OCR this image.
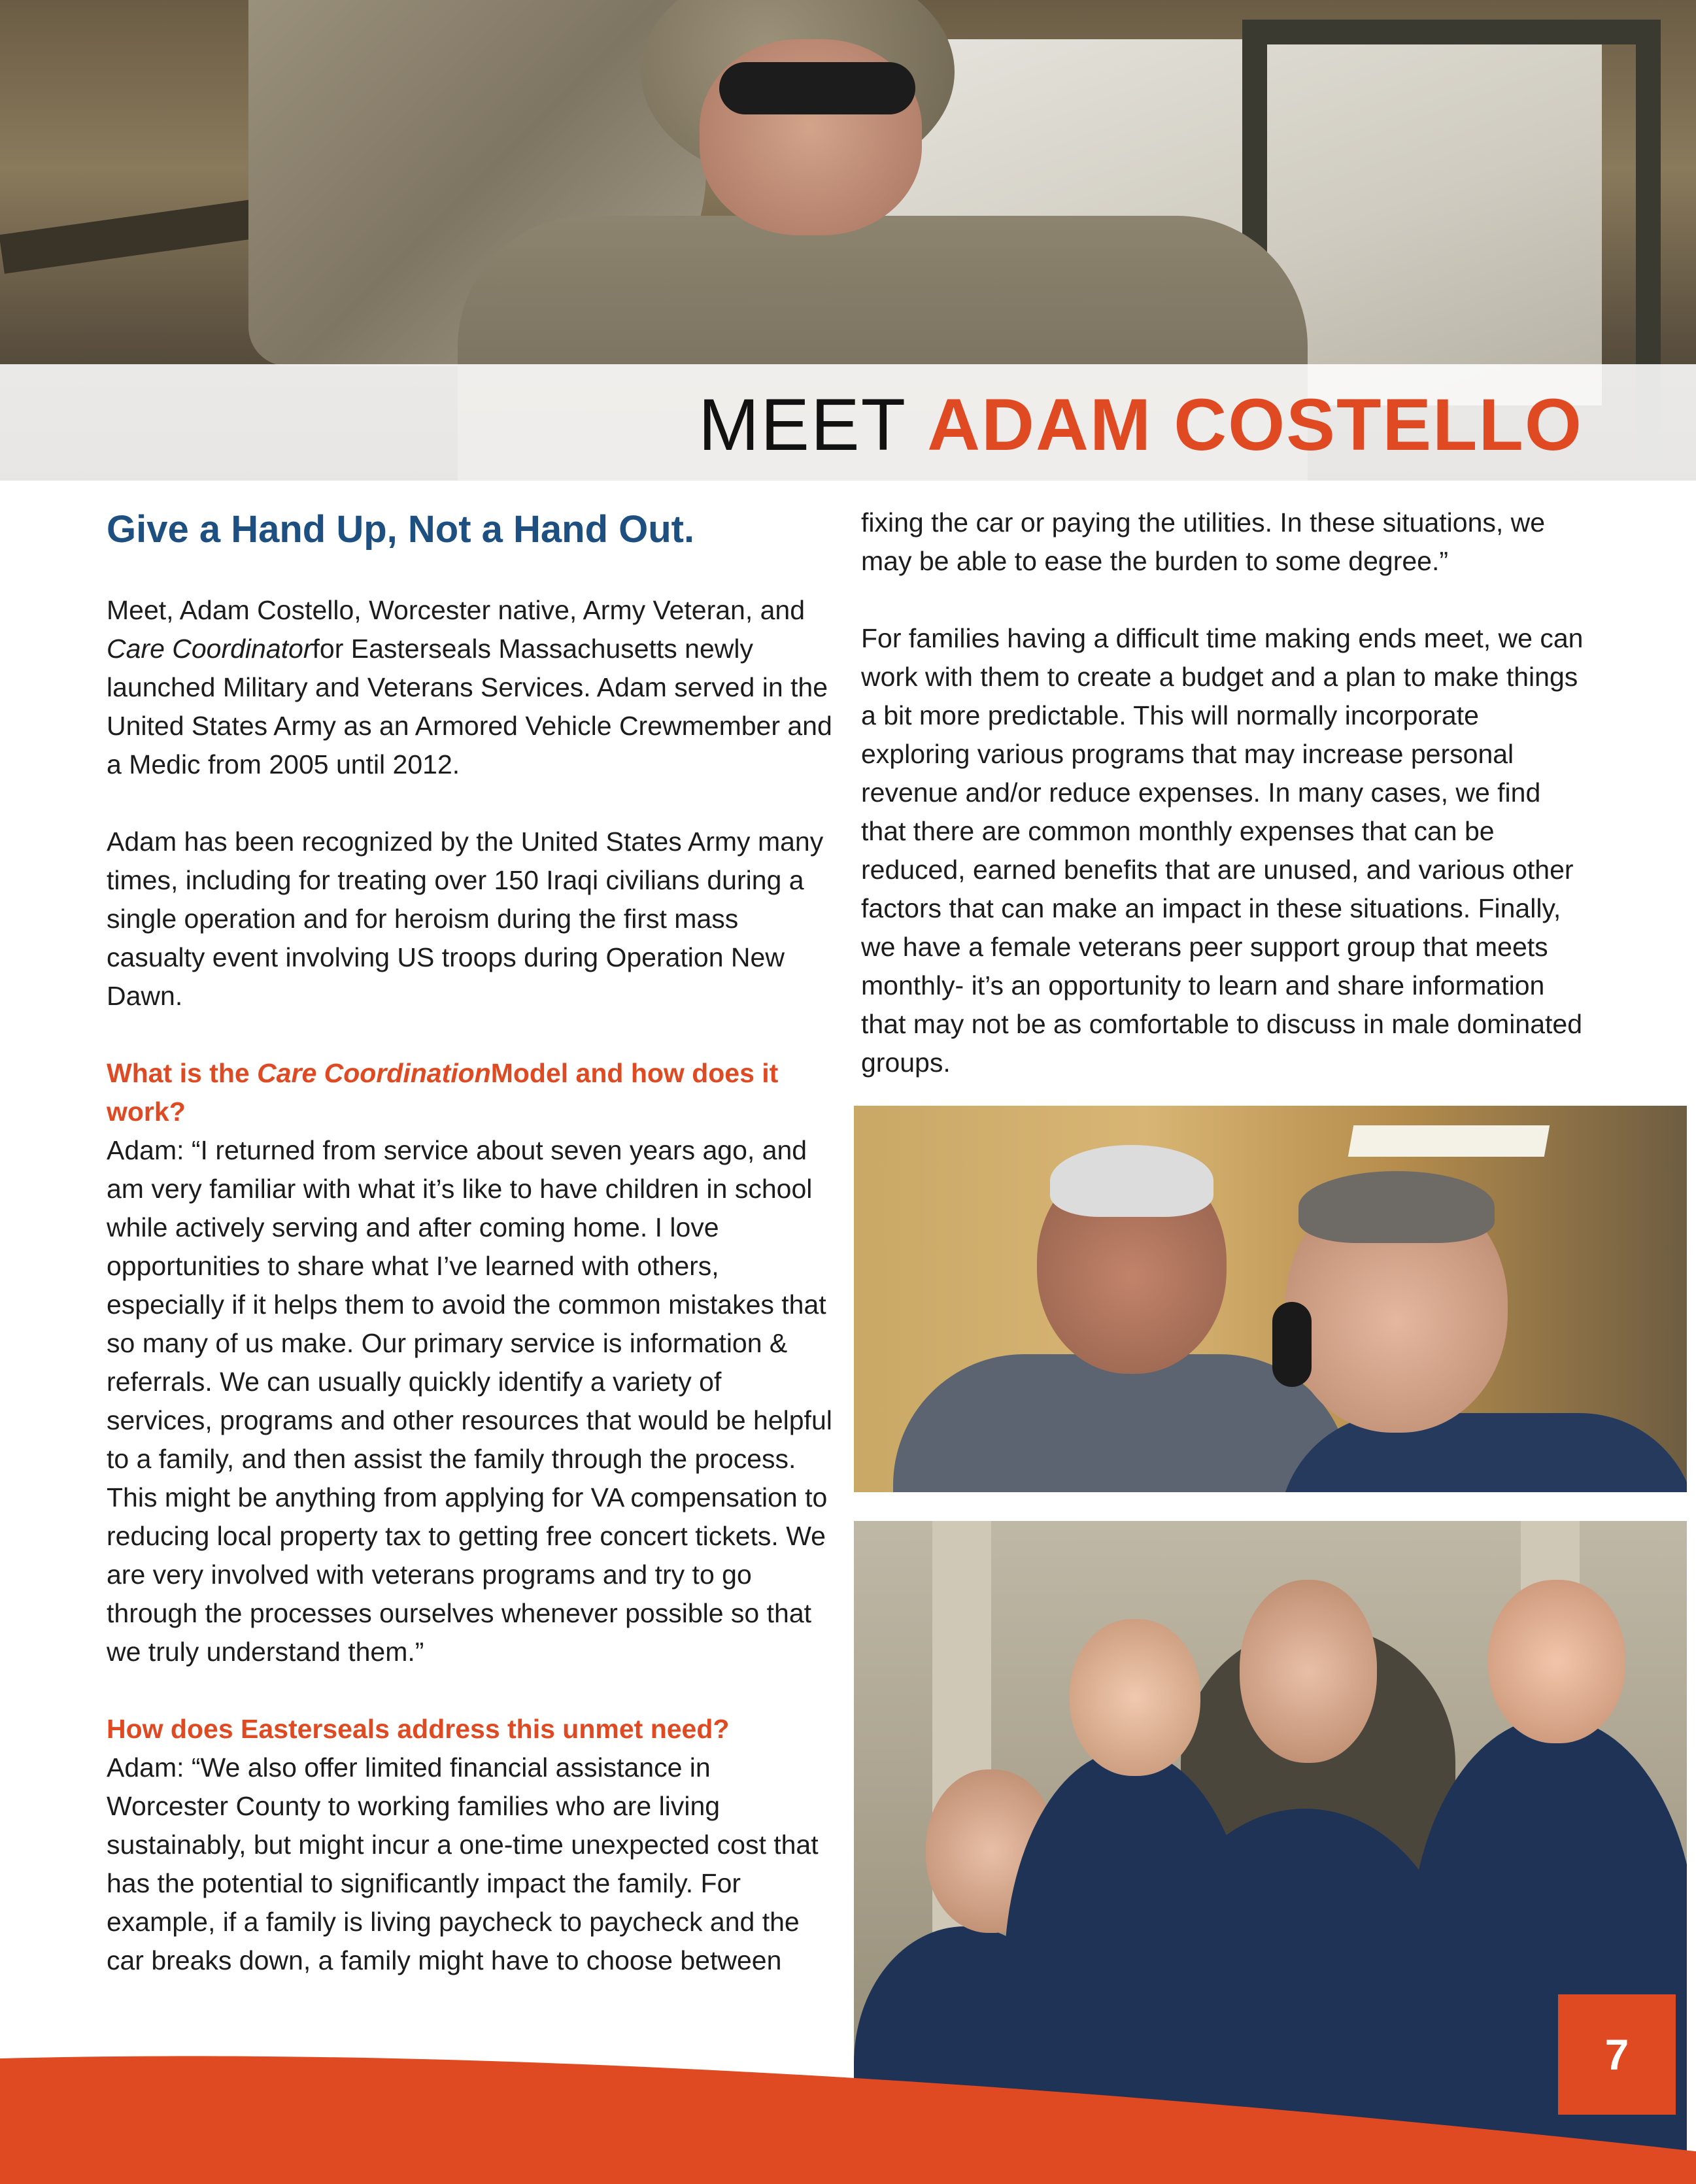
MEET ADAM COSTELLO
Give a Hand Up, Not a Hand Out.

Meet, Adam Costello, Worcester native, Army Veteran, and Care Coordinatorfor Easterseals Massachusetts newly launched Military and Veterans Services. Adam served in the United States Army as an Armored Vehicle Crewmember and a Medic from 2005 until 2012.

Adam has been recognized by the United States Army many times, including for treating over 150 Iraqi civilians during a single operation and for heroism during the first mass casualty event involving US troops during Operation New Dawn.

What is the Care CoordinationModel and how does it work?

Adam: “I returned from service about seven years ago, and am very familiar with what it’s like to have children in school while actively serving and after coming home. I love opportunities to share what I’ve learned with others, especially if it helps them to avoid the common mistakes that so many of us make. Our primary service is information & referrals. We can usually quickly identify a variety of services, programs and other resources that would be helpful to a family, and then assist the family through the process. This might be anything from applying for VA compensation to reducing local property tax to getting free concert tickets. We are very involved with veterans programs and try to go through the processes ourselves whenever possible so that we truly understand them.”

How does Easterseals address this unmet need?

Adam: “We also offer limited financial assistance in Worcester County to working families who are living sustainably, but might incur a one-time unexpected cost that has the potential to significantly impact the family. For example, if a family is living paycheck to paycheck and the car breaks down, a family might have to choose between

fixing the car or paying the utilities. In these situations, we may be able to ease the burden to some degree.”

For families having a difficult time making ends meet, we can work with them to create a budget and a plan to make things a bit more predictable. This will normally incorporate exploring various programs that may increase personal revenue and/or reduce expenses. In many cases, we find that there are common monthly expenses that can be reduced, earned benefits that are unused, and various other factors that can make an impact in these situations. Finally, we have a female veterans peer support group that meets monthly- it’s an opportunity to learn and share information that may not be as comfortable to discuss in male dominated groups.

7
